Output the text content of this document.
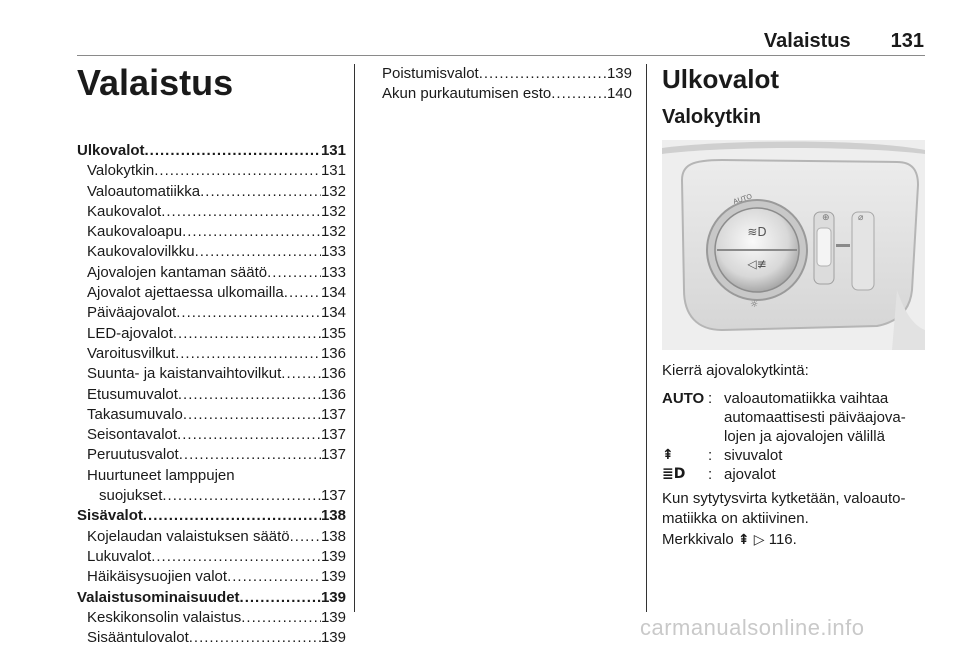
Valaistus 131
Valaistus
Ulkovalot .....	131
Valokytkin .....	131
Valoautomatiikka .....	132
Kaukovalot .....	132
Kaukovaloapu .....	132
Kaukovalovilkku .....	133
Ajovalojen kantaman säätö .....	133
Ajovalot ajettaessa ulkomailla ..... 134
Päiväajovalot .....	134
LED-ajovalot .....	135
Varoitusvilkut .....	136
Suunta- ja kaistanvaihtovilkut .....	136
Etusumuvalot .....	136
Takasumuvalo .....	137
Seisontavalot .....	137
Peruutusvalot .....	137
Huurtuneet lamppujen
suojukset .....	137
Sisävalot .....	138
Kojelaudan valaistuksen säätö ..... 138
Lukuvalot .....	139
Häikäisysuojien valot .....	139
Valaistusominaisuudet .....	139
Keskikonsolin valaistus .....	139
Sisääntulovalot .....	139
Poistumisvalot .....	139
Akun purkautumisen esto .....	140 Ulkovalot
Valokytkin
≋D
◁≢
AUTO
☼
⊕	⌀
Kierrä ajovalokytkintä:
AUTO	:	valoautomatiikka vaihtaa automaattisesti päiväajovalojen ja ajovalojen välillä
⇞	:	sivuvalot
≣D	:	ajovalot
Kun sytytysvirta kytketään, valoautomatiikka on aktiivinen.
Merkkivalo ⇞ ▷ 116.
carmanualsonline.info
